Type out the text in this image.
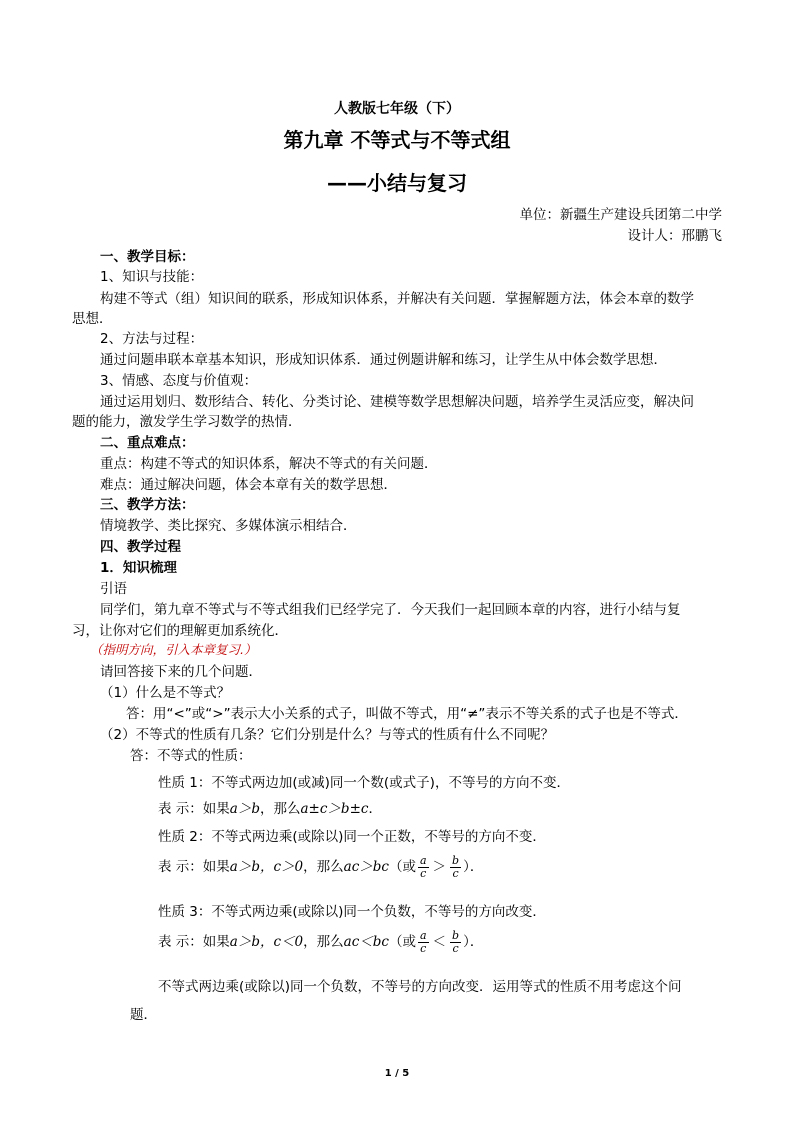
人教版七年级（下）
第九章 不等式与不等式组
——小结与复习
单位：新疆生产建设兵团第二中学
设计人：邢鹏飞
一、教学目标：
1、知识与技能：
构建不等式（组）知识间的联系，形成知识体系，并解决有关问题．掌握解题方法，体会本章的数学
思想．
2、方法与过程：
通过问题串联本章基本知识，形成知识体系．通过例题讲解和练习，让学生从中体会数学思想．
3、情感、态度与价值观：
通过运用划归、数形结合、转化、分类讨论、建模等数学思想解决问题，培养学生灵活应变，解决问
题的能力，激发学生学习数学的热情．
二、重点难点：
重点：构建不等式的知识体系，解决不等式的有关问题．
难点：通过解决问题，体会本章有关的数学思想．
三、教学方法：
情境教学、类比探究、多媒体演示相结合．
四、教学过程
1．知识梳理
引语
同学们，第九章不等式与不等式组我们已经学完了．今天我们一起回顾本章的内容，进行小结与复
习，让你对它们的理解更加系统化．
（指明方向，引入本章复习.）
请回答接下来的几个问题．
（1）什么是不等式？
答：用“<”或“>”表示大小关系的式子，叫做不等式，用“≠”表示不等关系的式子也是不等式．
（2）不等式的性质有几条？它们分别是什么？与等式的性质有什么不同呢？
答：不等式的性质：
性质 1：不等式两边加(或减)同一个数(或式子)，不等号的方向不变．
表 示：如果a＞b，那么a±c＞b±c．
性质 2：不等式两边乘(或除以)同一个正数，不等号的方向不变．
表 示：如果a＞b，c＞0，那么ac＞bc（或 $\frac{a}{c} > \frac{b}{c}$ ）．
性质 3：不等式两边乘(或除以)同一个负数，不等号的方向改变．
表 示：如果a＞b，c＜0，那么ac＜bc（或 $\frac{a}{c} < \frac{b}{c}$ ）．
不等式两边乘(或除以)同一个负数，不等号的方向改变．运用等式的性质不用考虑这个问
题．
1 / 5
